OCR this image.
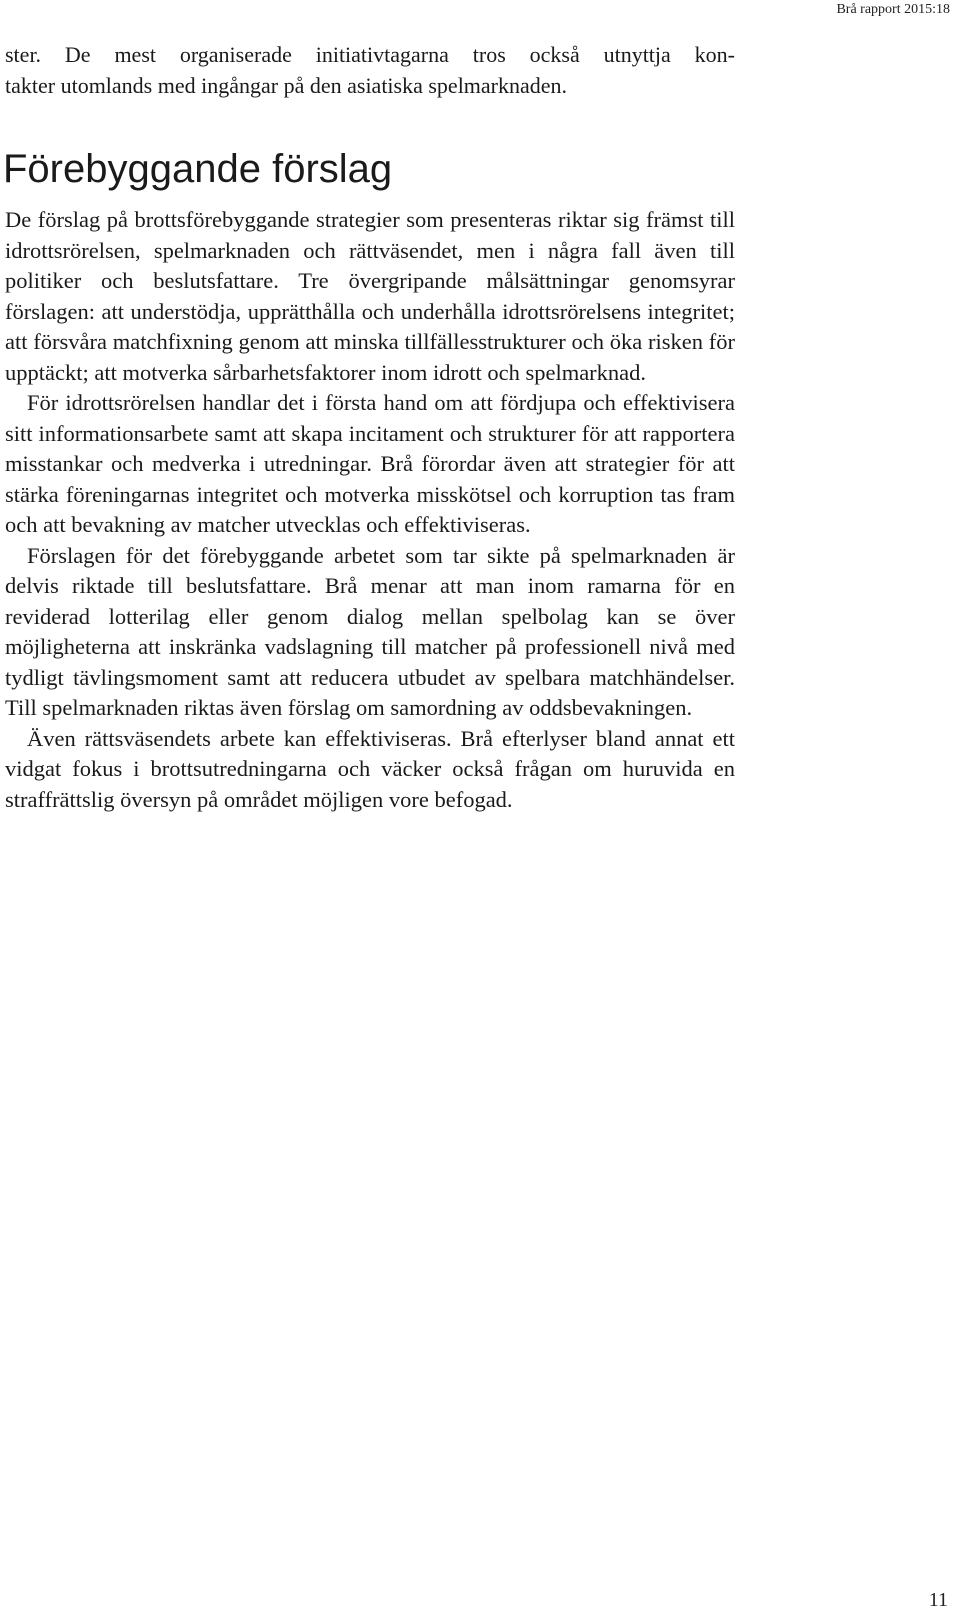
Brå rapport 2015:18
ster. De mest organiserade initiativtagarna tros också utnyttja kon-
takter utomlands med ingångar på den asiatiska spelmarknaden.
Förebyggande förslag

De förslag på brottsförebyggande strategier som presenteras riktar sig främst till idrottsrörelsen, spelmarknaden och rättväsendet, men i några fall även till politiker och beslutsfattare. Tre övergripande målsättningar genomsyrar förslagen: att understödja, upprätthålla och underhålla idrottsrörelsens integritet; att försvåra matchfixning genom att minska tillfällesstrukturer och öka risken för upptäckt; att motverka sårbarhetsfaktorer inom idrott och spelmarknad.

För idrottsrörelsen handlar det i första hand om att fördjupa och effektivisera sitt informationsarbete samt att skapa incitament och strukturer för att rapportera misstankar och medverka i utredningar. Brå förordar även att strategier för att stärka föreningarnas integritet och motverka misskötsel och korruption tas fram och att bevakning av matcher utvecklas och effektiviseras.

Förslagen för det förebyggande arbetet som tar sikte på spelmarknaden är delvis riktade till beslutsfattare. Brå menar att man inom ramarna för en reviderad lotterilag eller genom dialog mellan spelbolag kan se över möjligheterna att inskränka vadslagning till matcher på professionell nivå med tydligt tävlingsmoment samt att reducera utbudet av spelbara matchhändelser. Till spelmarknaden riktas även förslag om samordning av oddsbevakningen.

Även rättsväsendets arbete kan effektiviseras. Brå efterlyser bland annat ett vidgat fokus i brottsutredningarna och väcker också frågan om huruvida en straffrättslig översyn på området möjligen vore befogad.

11
